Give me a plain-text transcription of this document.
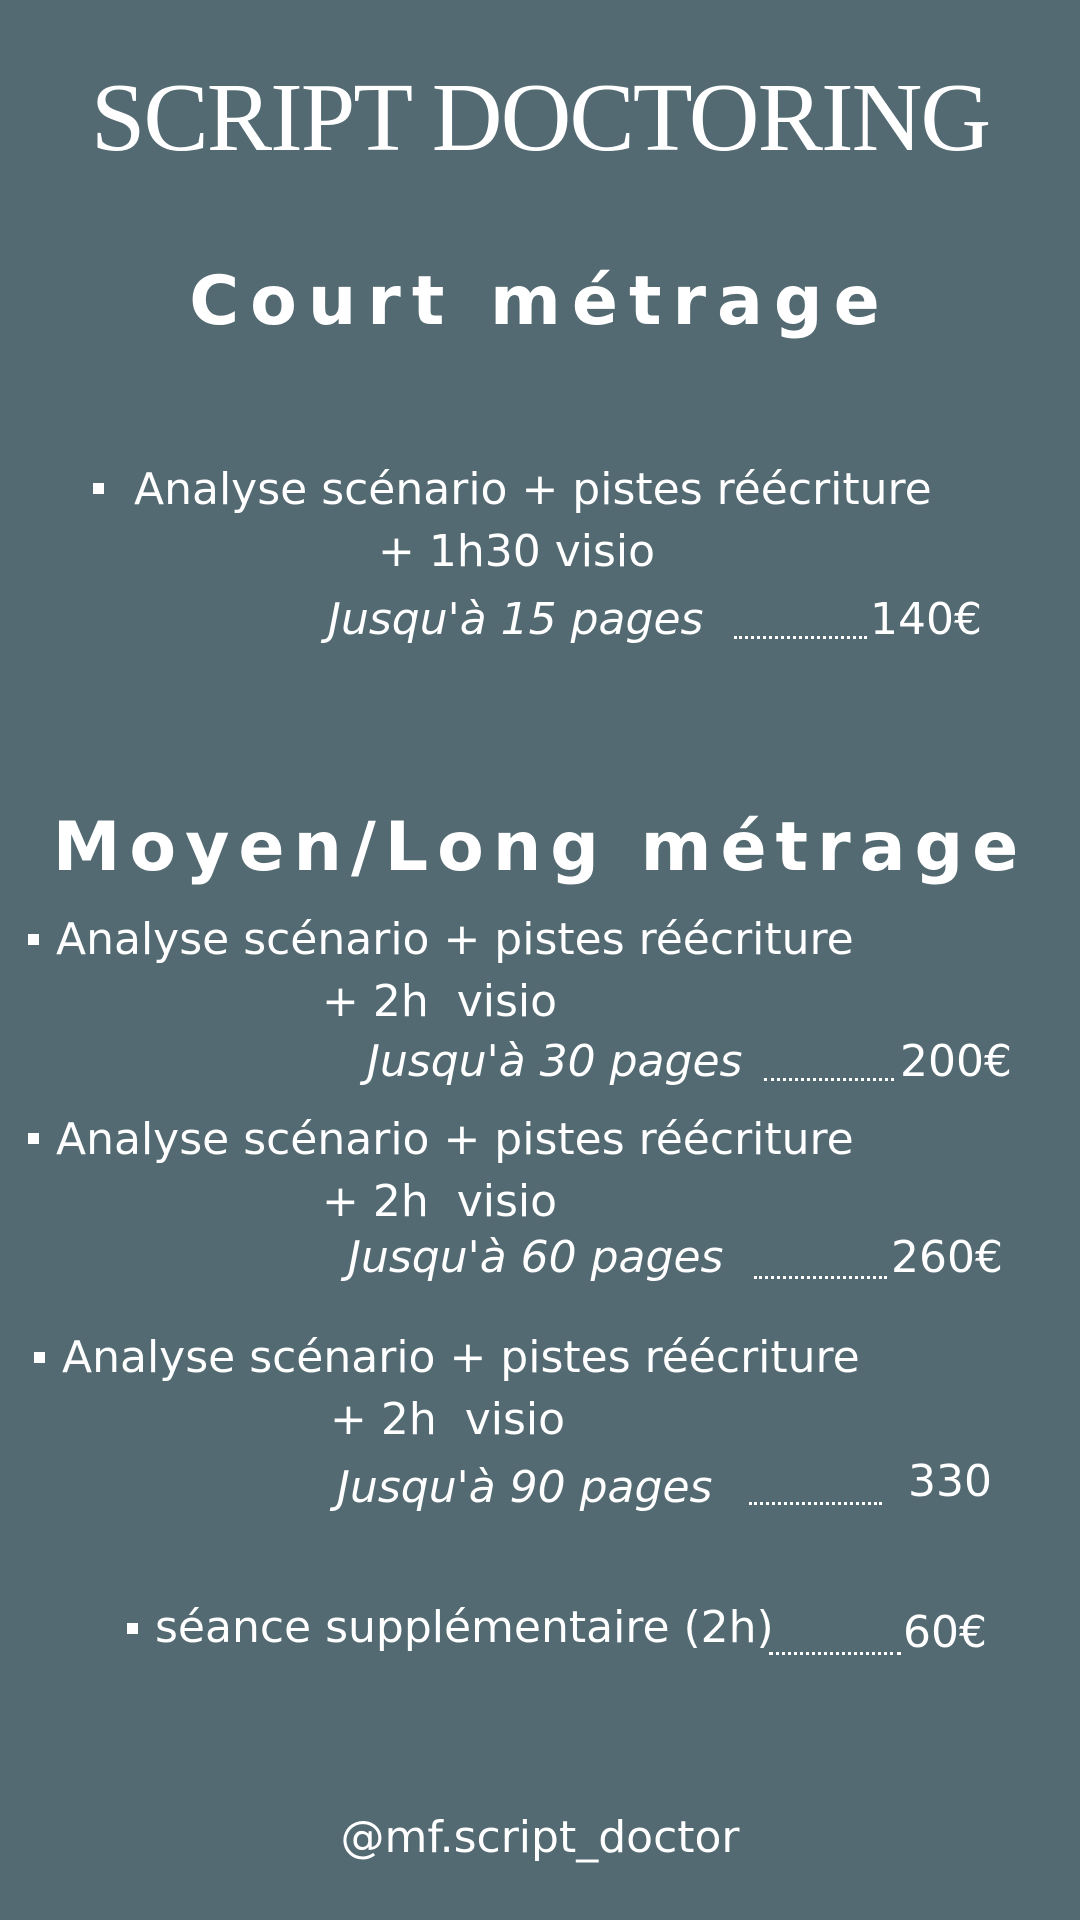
SCRIPT DOCTORING
Court métrage
Analyse scénario + pistes réécriture
+ 1h30 visio
Jusqu'à 15 pages	140€
Moyen/Long métrage
Analyse scénario + pistes réécriture
+ 2h  visio
Jusqu'à 30 pages	200€
Analyse scénario + pistes réécriture
+ 2h  visio
Jusqu'à 60 pages	260€
Analyse scénario + pistes réécriture
+ 2h  visio
Jusqu'à 90 pages	330
séance supplémentaire (2h)	60€
@mf.script_doctor
